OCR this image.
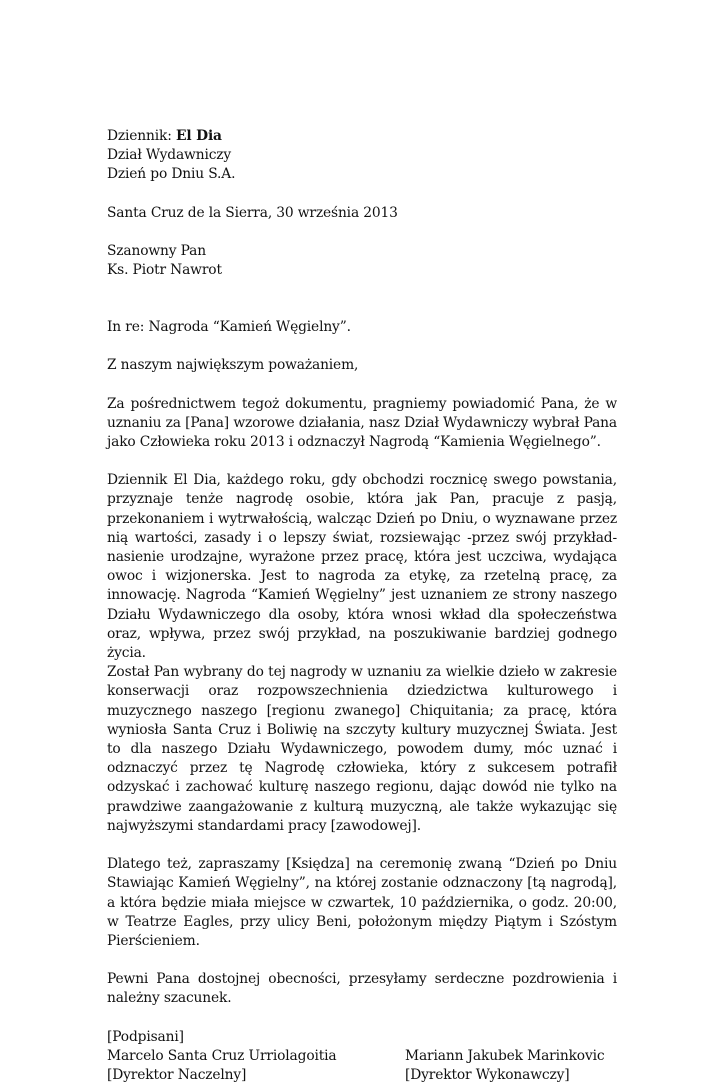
Dziennik: El Dia
Dział Wydawniczy
Dzień po Dniu S.A.
Santa Cruz de la Sierra, 30 września 2013
Szanowny Pan
Ks. Piotr Nawrot
In re: Nagroda “Kamień Węgielny”.
Z naszym największym poważaniem,
Za pośrednictwem tegoż dokumentu, pragniemy powiadomić Pana, że w uznaniu za [Pana] wzorowe działania, nasz Dział Wydawniczy wybrał Pana jako Człowieka roku 2013 i odznaczył Nagrodą “Kamienia Węgielnego”.
Dziennik El Dia, każdego roku, gdy obchodzi rocznicę swego powstania, przyznaje tenże nagrodę osobie, która jak Pan, pracuje z pasją, przekonaniem i wytrwałością, walcząc Dzień po Dniu, o wyznawane przez nią wartości, zasady i o lepszy świat, rozsiewając -przez swój przykład- nasienie urodzajne, wyrażone przez pracę, która jest uczciwa, wydająca owoc i wizjonerska. Jest to nagroda za etykę, za rzetelną pracę, za innowację. Nagroda “Kamień Węgielny” jest uznaniem ze strony naszego Działu Wydawniczego dla osoby, która wnosi wkład dla społeczeństwa oraz, wpływa, przez swój przykład, na poszukiwanie bardziej godnego życia.
Został Pan wybrany do tej nagrody w uznaniu za wielkie dzieło w zakresie konserwacji oraz rozpowszechnienia dziedzictwa kulturowego i muzycznego naszego [regionu zwanego] Chiquitania; za pracę, która wyniosła Santa Cruz i Boliwię na szczyty kultury muzycznej Świata. Jest to dla naszego Działu Wydawniczego, powodem dumy, móc uznać i odznaczyć przez tę Nagrodę człowieka, który z sukcesem potrafił odzyskać i zachować kulturę naszego regionu, dając dowód nie tylko na prawdziwe zaangażowanie z kulturą muzyczną, ale także wykazując się najwyższymi standardami pracy [zawodowej].
Dlatego też, zapraszamy [Księdza] na ceremonię zwaną “Dzień po Dniu Stawiając Kamień Węgielny”, na której zostanie odznaczony [tą nagrodą], a która będzie miała miejsce w czwartek, 10 października, o godz. 20:00, w Teatrze Eagles, przy ulicy Beni, położonym między Piątym i Szóstym Pierścieniem.
Pewni Pana dostojnej obecności, przesyłamy serdeczne pozdrowienia i należny szacunek.
[Podpisani]
Marcelo Santa Cruz Urriolagoitia	Mariann Jakubek Marinkovic
[Dyrektor Naczelny]	[Dyrektor Wykonawczy]
